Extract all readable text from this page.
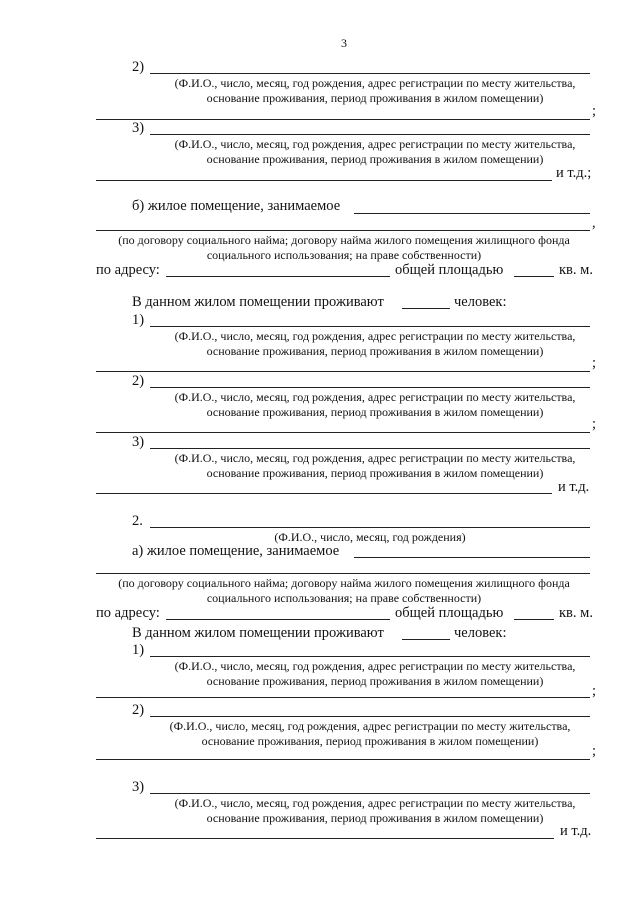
3
2)
(Ф.И.О., число, месяц, год рождения, адрес регистрации по месту жительства,
основание проживания, период проживания в жилом помещении)
;
3)
(Ф.И.О., число, месяц, год рождения, адрес регистрации по месту жительства,
основание проживания, период проживания в жилом помещении)
и т.д.;
б) жилое помещение, занимаемое
,
(по договору социального найма; договору найма жилого помещения жилищного фонда
социального использования; на праве собственности)
по адресу:	общей площадью	кв. м.
В данном жилом помещении проживают	человек:
1)
(Ф.И.О., число, месяц, год рождения, адрес регистрации по месту жительства,
основание проживания, период проживания в жилом помещении)
;
2)
(Ф.И.О., число, месяц, год рождения, адрес регистрации по месту жительства,
основание проживания, период проживания в жилом помещении)
;
3)
(Ф.И.О., число, месяц, год рождения, адрес регистрации по месту жительства,
основание проживания, период проживания в жилом помещении)
и т.д.
2.
(Ф.И.О., число, месяц, год рождения)
а) жилое помещение, занимаемое
(по договору социального найма; договору найма жилого помещения жилищного фонда
социального использования; на праве собственности)
по адресу:	общей площадью	кв. м.
В данном жилом помещении проживают	человек:
1)
(Ф.И.О., число, месяц, год рождения, адрес регистрации по месту жительства,
основание проживания, период проживания в жилом помещении)
;
2)
(Ф.И.О., число, месяц, год рождения, адрес регистрации по месту жительства,
основание проживания, период проживания в жилом помещении)
;
3)
(Ф.И.О., число, месяц, год рождения, адрес регистрации по месту жительства,
основание проживания, период проживания в жилом помещении)
и т.д.
